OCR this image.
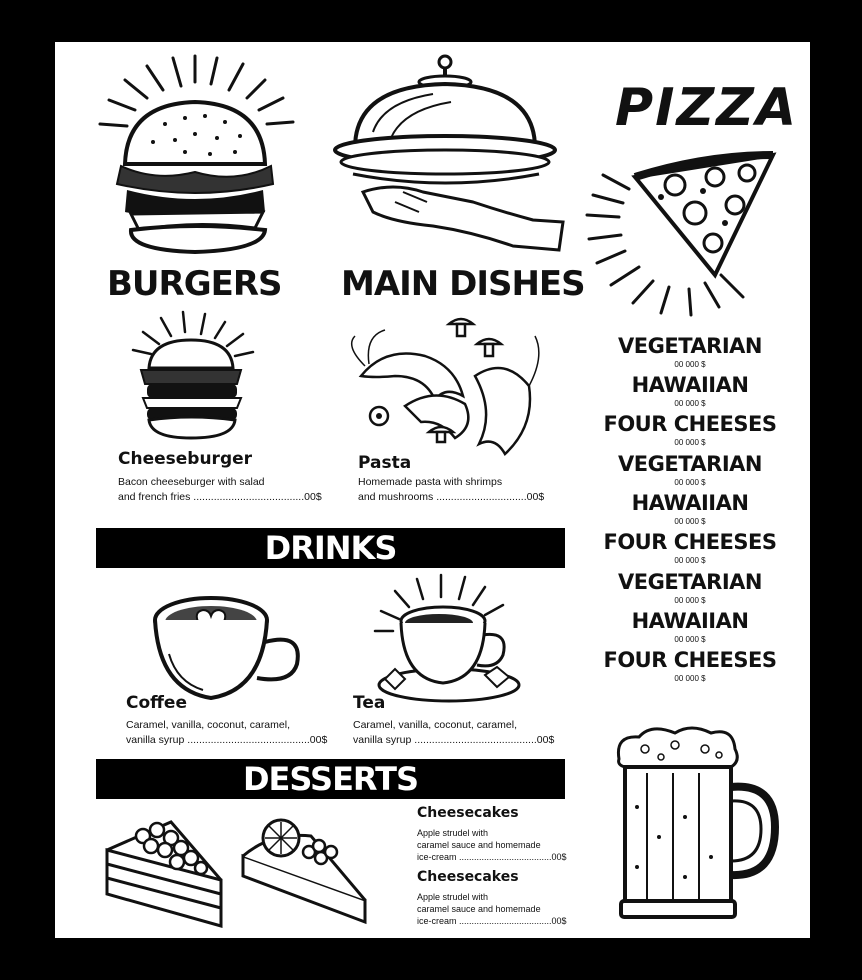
PIZZA
BURGERS MAIN DISHES
Cheeseburger
Bacon cheeseburger with salad
and french fries ......................................00$
Pasta
Homemade pasta with shrimps
and mushrooms ...............................00$
DRINKS
Coffee
Caramel, vanilla, coconut, caramel,
vanilla syrup ..........................................00$
Tea
Caramel, vanilla, coconut, caramel,
vanilla syrup ..........................................00$
DESSERTS
Cheesecakes
Apple strudel with
caramel sauce and homemade
ice-cream .....................................00$
Cheesecakes
Apple strudel with
caramel sauce and homemade
ice-cream .....................................00$
VEGETARIAN
00 000 $
HAWAIIAN
00 000 $
FOUR CHEESES
00 000 $
VEGETARIAN
00 000 $
HAWAIIAN
00 000 $
FOUR CHEESES
00 000 $
VEGETARIAN
00 000 $
HAWAIIAN
00 000 $
FOUR CHEESES
00 000 $
